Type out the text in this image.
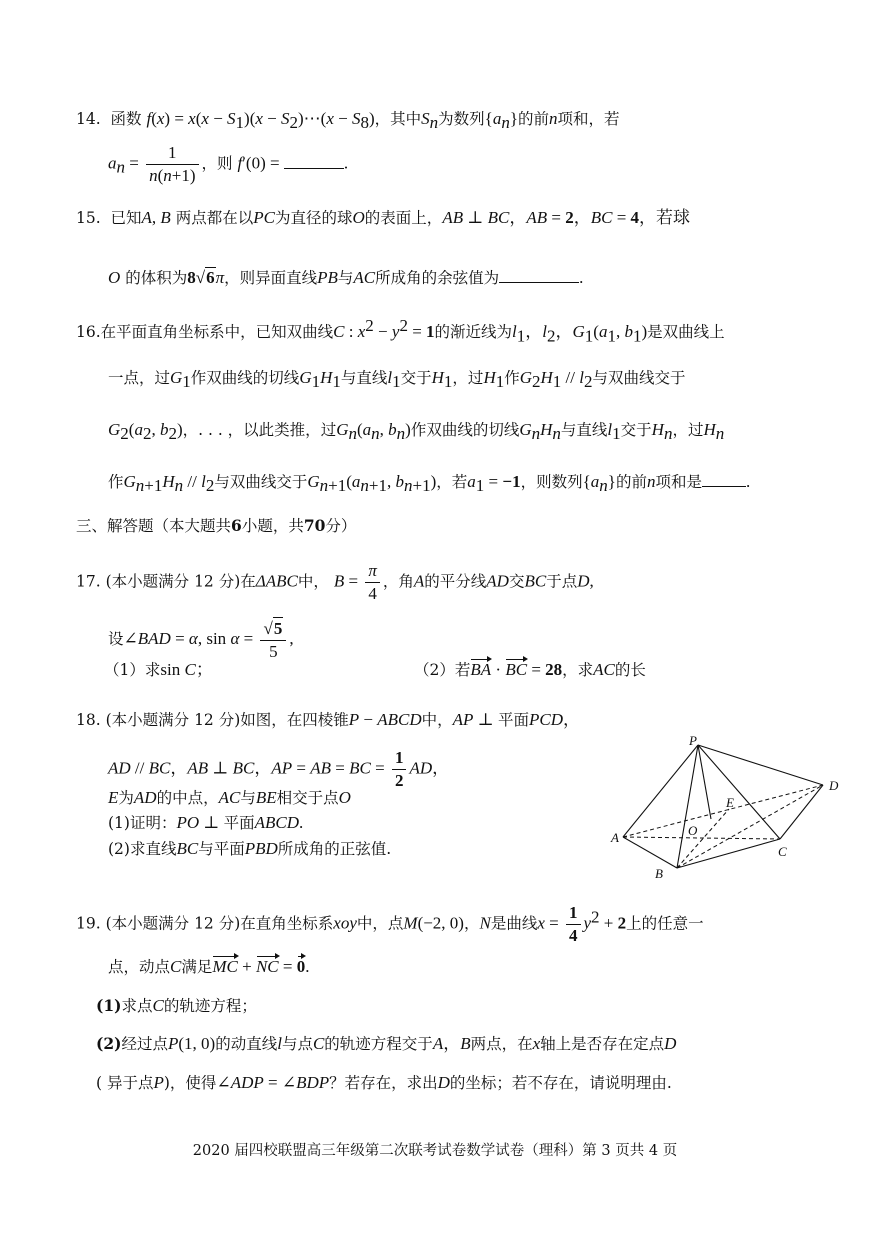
14. 函数 $f(x) = x(x - S_1)(x$ − $S_2)\cdots(x - S_8)$，其中$S_n$为数列$\{a_n\}$的前n项和，若
$a_n = \frac{1}{n(n+1)}$ ，则 f′(0) =	.
15. 已知A, B 两点都在以PC为直径的球O的表面上，AB ⊥ BC，AB = 2，BC = 4，若球
O 的体积为8√6π，则异面直线PB与AC所成角的余弦值为	.
16.在平面直角坐标系中，已知双曲线C : $x^2 - y^2 = 1$的渐近线为$l_1$，$l_2$，$G_1(a_1$, $b_1$)是双曲线上
一点，过$G_1$作双曲线的切线$G_1H_1$与直线$l_1$交于$H_1$，过$H_1$作$G_2H_1 // l_2$与双曲线交于
$G_2(a_2$, $b_2$)，. . . ，以此类推，过$G_n(a_n$, $b_n$)作双曲线的切线$G_nH_n$与直线$l_1$交于$H_n$，过$H_n$
作$G_{n+1}H_n // l_2$与双曲线交于$G_{n+1}(a_{n+1}$, $b_{n+1}$)，若$a_1 = -1$，则数列$\{a_n\}$的前n项和是	.
三、解答题（本大题共6小题，共70分）
17. (本小题满分 12 分)在ΔABC中， $B = \frac{\pi}{4}$ ，角A的平分线AD交BC于点D,
设∠BAD = α, $\sin \alpha = \frac{√5}{5}$ ,
（1）求sin C；	（2）若BA · BC = 28，求AC的长
18. (本小题满分 12 分)如图，在四棱锥P − ABCD中，AP ⊥ 平面PCD，
AD // BC，AB ⊥ BC，AP = AB = BC = $\frac{1}{2}$ AD，
E为AD的中点，AC与BE相交于点O
(1)证明：PO ⊥ 平面ABCD.
(2)求直线BC与平面PBD所成角的正弦值.
P
D
E
O
A
B
C
19. (本小题满分 12 分)在直角坐标系xoy中，点M(−2, 0)，N是曲线$x = \frac{1}{4} y^2 + 2$上的任意一
点，动点C满足MC + NC = 0.
(1)求点C的轨迹方程；
(2)经过点P(1, 0)的动直线l与点C的轨迹方程交于A，B两点，在x轴上是否存在定点D
( 异于点P)，使得∠ADP = ∠BDP？若存在，求出D的坐标；若不存在，请说明理由.
2020 届四校联盟高三年级第二次联考试卷数学试卷（理科）第 3 页共 4 页
